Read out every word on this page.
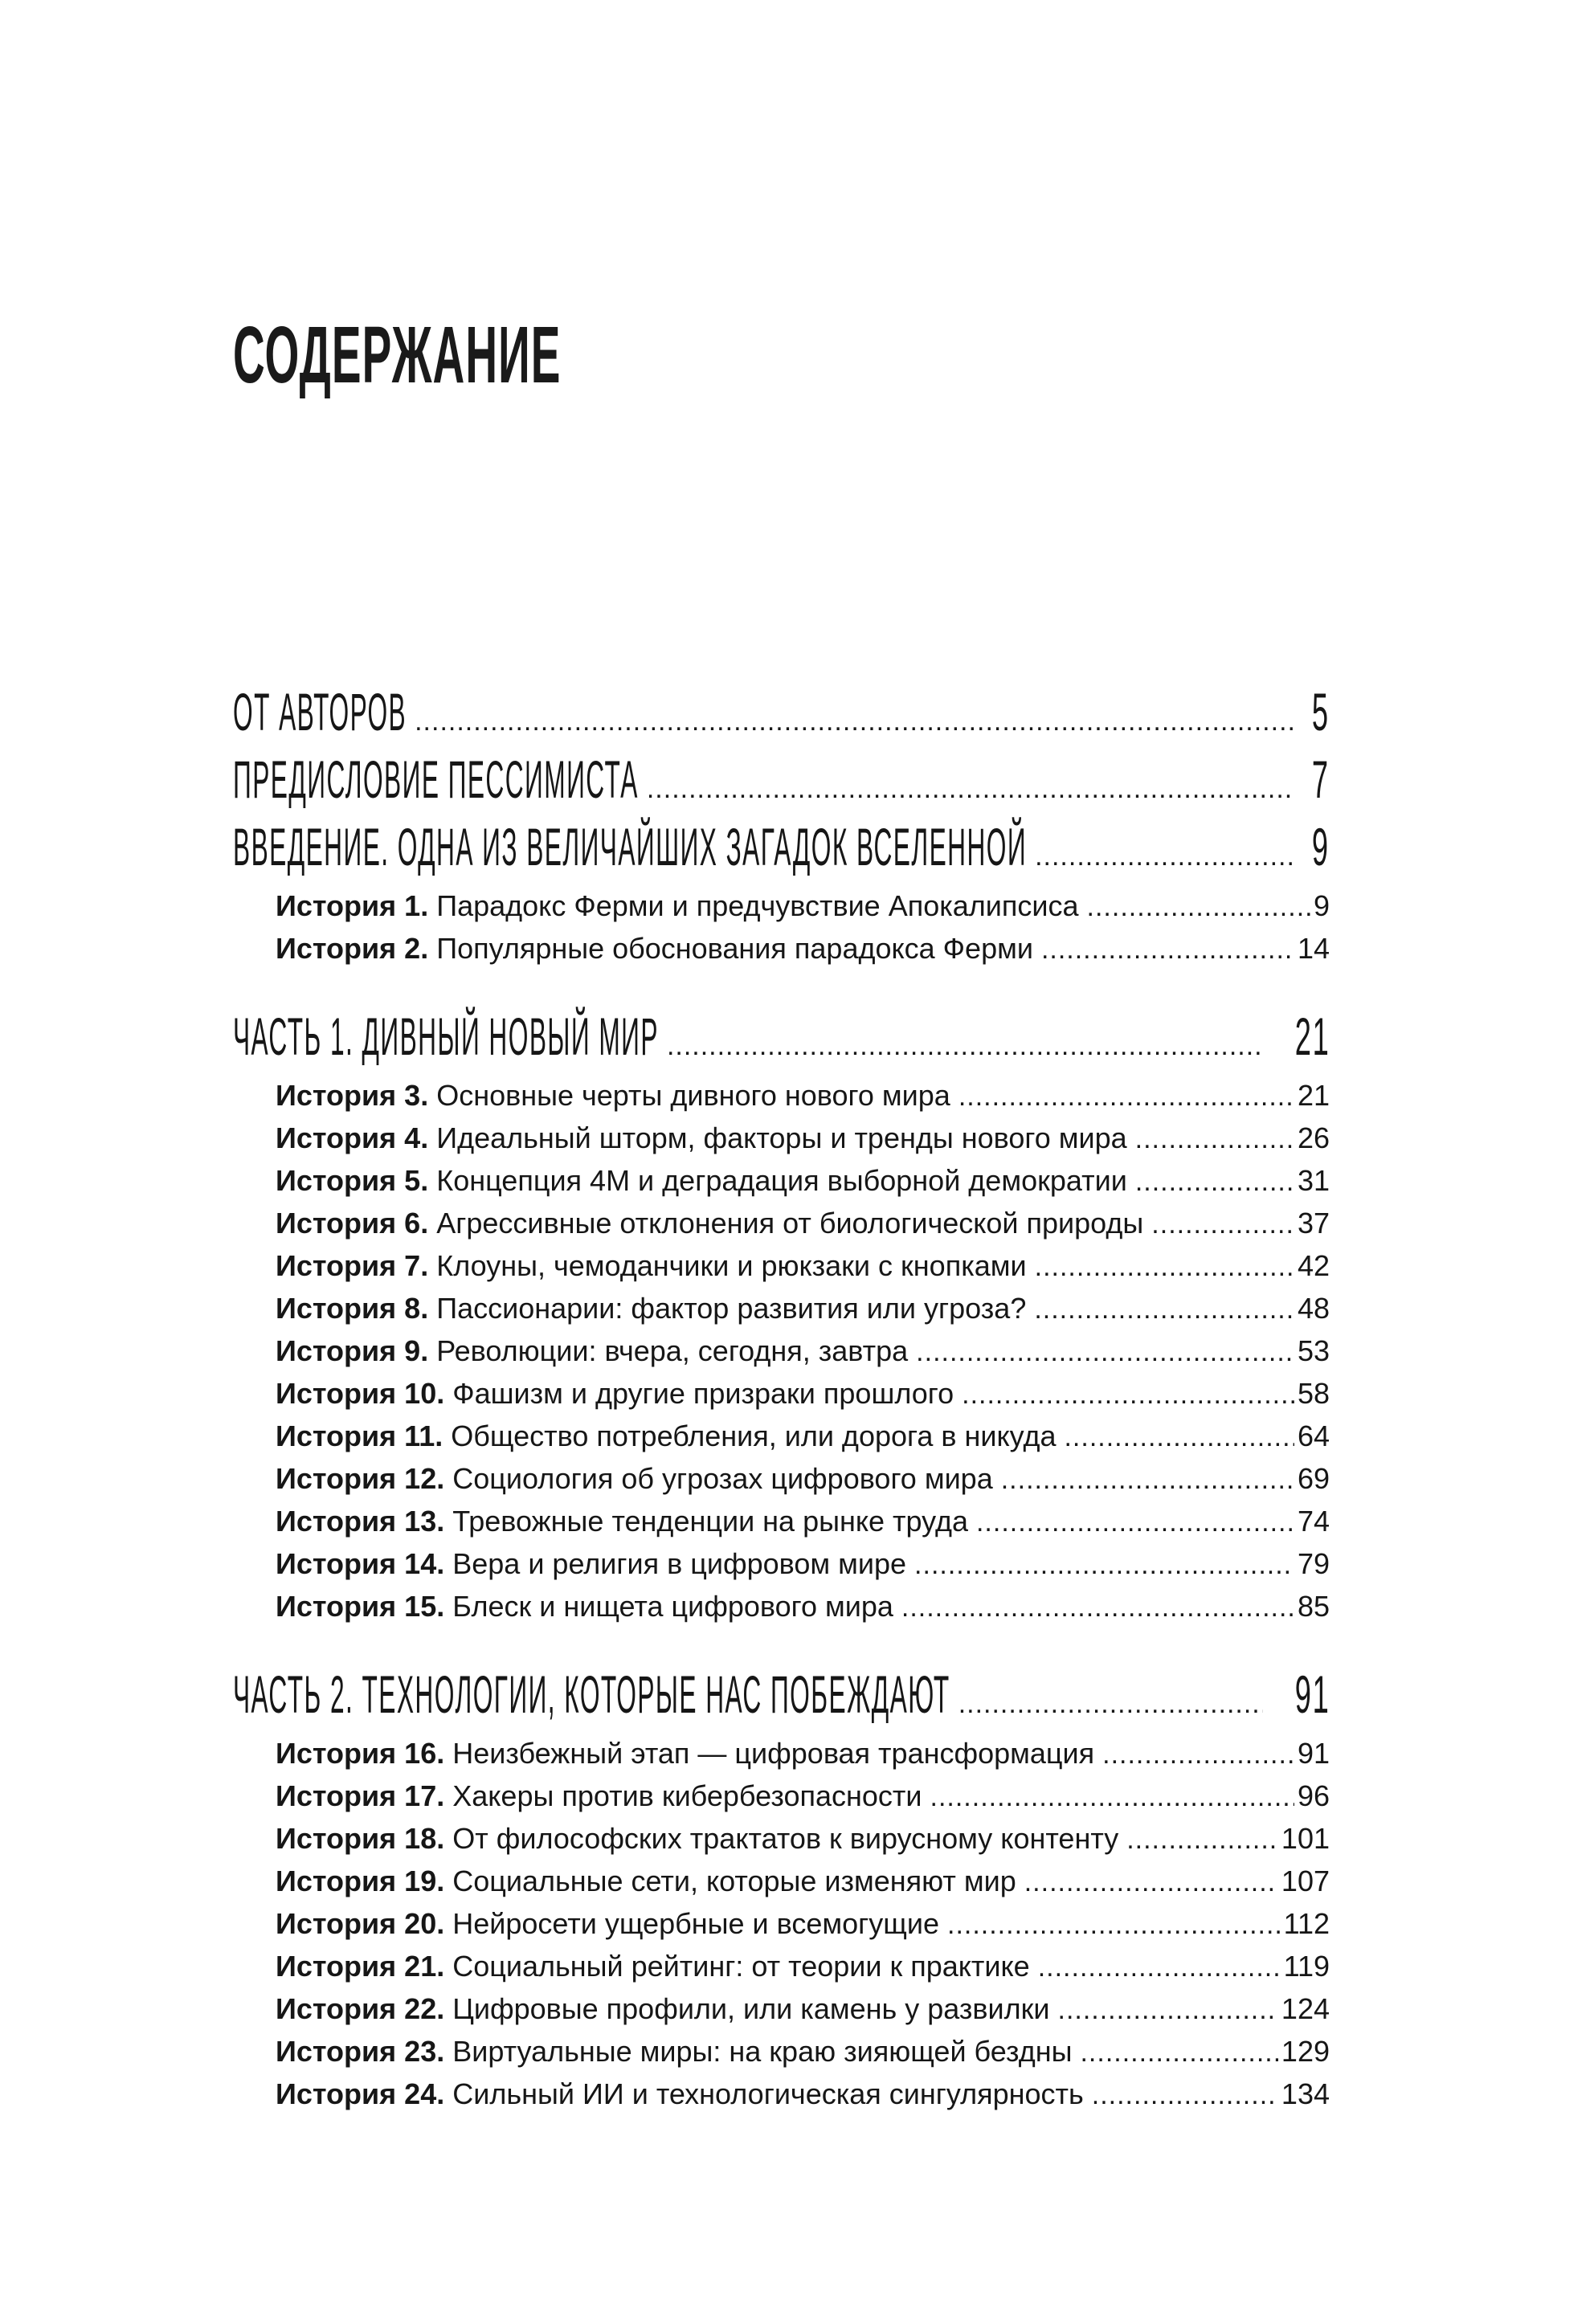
СОДЕРЖАНИЕ
ОТ АВТОРОВ .....	5
ПРЕДИСЛОВИЕ ПЕССИМИСТА .....	7
ВВЕДЕНИЕ. ОДНА ИЗ ВЕЛИЧАЙШИХ ЗАГАДОК ВСЕЛЕННОЙ .....	9
История 1. Парадокс Ферми и предчувствие Апокалипсиса .....	9
История 2. Популярные обоснования парадокса Ферми .....	14
ЧАСТЬ 1. ДИВНЫЙ НОВЫЙ МИР .....	21
История 3. Основные черты дивного нового мира .....	21
История 4. Идеальный шторм, факторы и тренды нового мира .....	26
История 5. Концепция 4М и деградация выборной демократии .....	31
История 6. Агрессивные отклонения от биологической природы .....	37
История 7. Клоуны, чемоданчики и рюкзаки с кнопками .....	42
История 8. Пассионарии: фактор развития или угроза? .....	48
История 9. Революции: вчера, сегодня, завтра .....	53
История 10. Фашизм и другие призраки прошлого .....	58
История 11. Общество потребления, или дорога в никуда .....	64
История 12. Социология об угрозах цифрового мира .....	69
История 13. Тревожные тенденции на рынке труда .....	74
История 14. Вера и религия в цифровом мире .....	79
История 15. Блеск и нищета цифрового мира .....	85
ЧАСТЬ 2. ТЕХНОЛОГИИ, КОТОРЫЕ НАС ПОБЕЖДАЮТ .....	91
История 16. Неизбежный этап — цифровая трансформация .....	91
История 17. Хакеры против кибербезопасности .....	96
История 18. От философских трактатов к вирусному контенту .....	101
История 19. Социальные сети, которые изменяют мир .....	107
История 20. Нейросети ущербные и всемогущие .....	112
История 21. Социальный рейтинг: от теории к практике .....	119
История 22. Цифровые профили, или камень у развилки .....	124
История 23. Виртуальные миры: на краю зияющей бездны .....	129
История 24. Сильный ИИ и технологическая сингулярность .....	134
